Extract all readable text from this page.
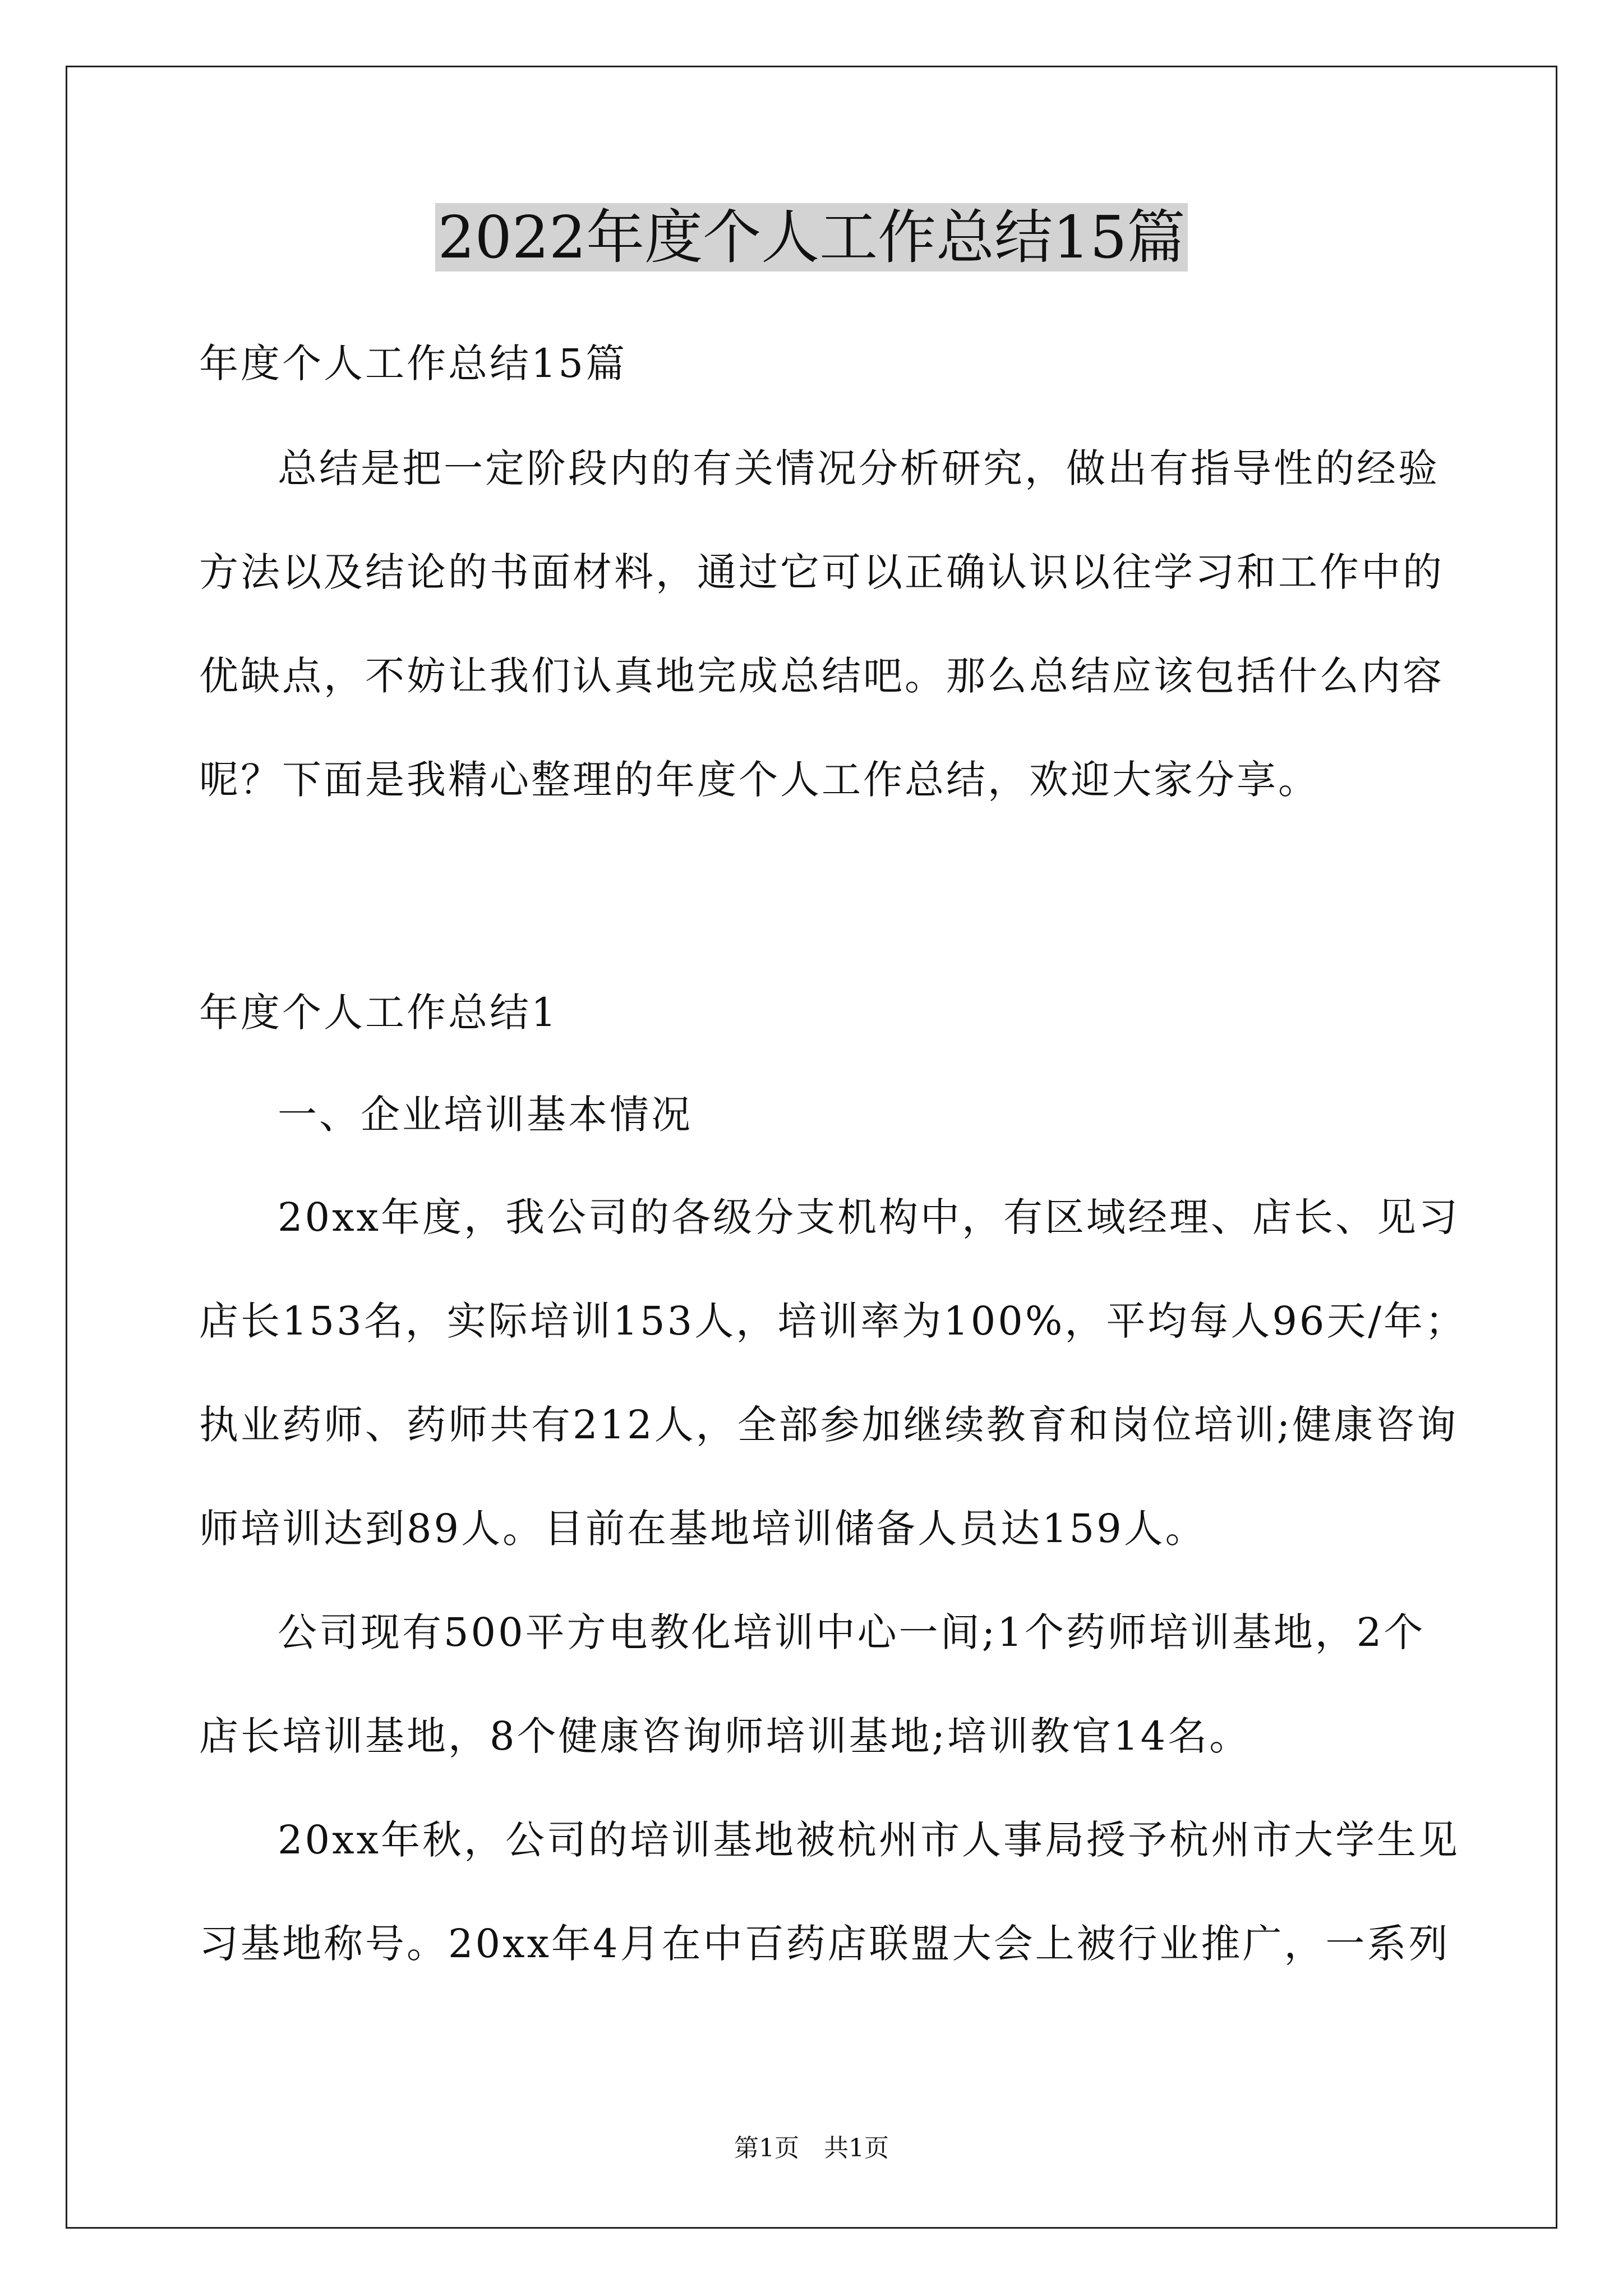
2022年度个人工作总结15篇
年度个人工作总结15篇
总结是把一定阶段内的有关情况分析研究，做出有指导性的经验
方法以及结论的书面材料，通过它可以正确认识以往学习和工作中的
优缺点，不妨让我们认真地完成总结吧。那么总结应该包括什么内容
呢？下面是我精心整理的年度个人工作总结，欢迎大家分享。
年度个人工作总结1
一、企业培训基本情况
20xx年度，我公司的各级分支机构中，有区域经理、店长、见习
店长153名，实际培训153人，培训率为100%，平均每人96天/年；
执业药师、药师共有212人，全部参加继续教育和岗位培训;健康咨询
师培训达到89人。目前在基地培训储备人员达159人。
公司现有500平方电教化培训中心一间;1个药师培训基地，2个
店长培训基地，8个健康咨询师培训基地;培训教官14名。
20xx年秋，公司的培训基地被杭州市人事局授予杭州市大学生见
习基地称号。20xx年4月在中百药店联盟大会上被行业推广，一系列
第1页　共1页
